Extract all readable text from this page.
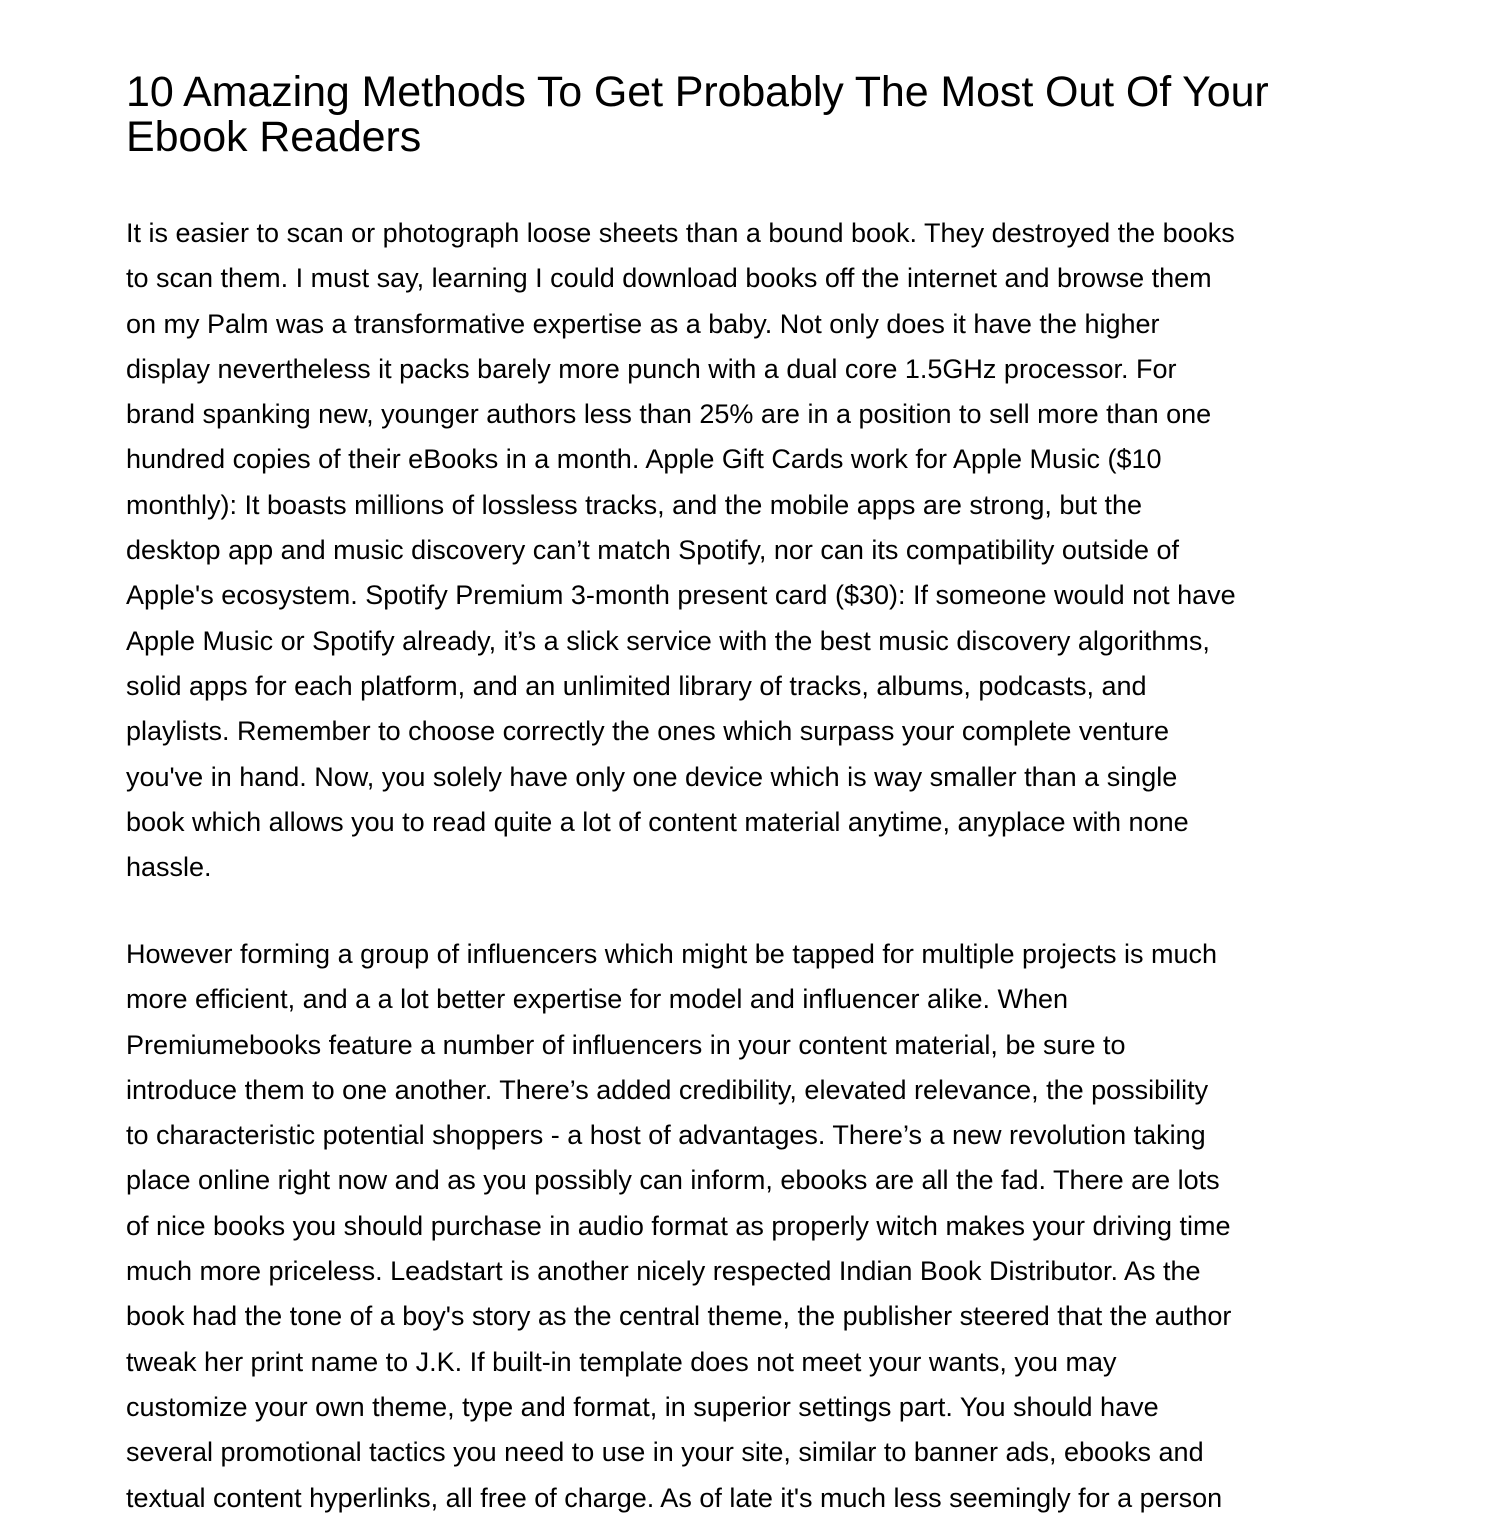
10 Amazing Methods To Get Probably The Most Out Of Your
Ebook Readers

It is easier to scan or photograph loose sheets than a bound book. They destroyed the books
to scan them. I must say, learning I could download books off the internet and browse them
on my Palm was a transformative expertise as a baby. Not only does it have the higher
display nevertheless it packs barely more punch with a dual core 1.5GHz processor. For
brand spanking new, younger authors less than 25% are in a position to sell more than one
hundred copies of their eBooks in a month. Apple Gift Cards work for Apple Music ($10
monthly): It boasts millions of lossless tracks, and the mobile apps are strong, but the
desktop app and music discovery can’t match Spotify, nor can its compatibility outside of
Apple's ecosystem. Spotify Premium 3-month present card ($30): If someone would not have
Apple Music or Spotify already, it’s a slick service with the best music discovery algorithms,
solid apps for each platform, and an unlimited library of tracks, albums, podcasts, and
playlists. Remember to choose correctly the ones which surpass your complete venture
you've in hand. Now, you solely have only one device which is way smaller than a single
book which allows you to read quite a lot of content material anytime, anyplace with none
hassle.

However forming a group of influencers which might be tapped for multiple projects is much
more efficient, and a a lot better expertise for model and influencer alike. When
Premiumebooks feature a number of influencers in your content material, be sure to
introduce them to one another. There’s added credibility, elevated relevance, the possibility
to characteristic potential shoppers - a host of advantages. There’s a new revolution taking
place online right now and as you possibly can inform, ebooks are all the fad. There are lots
of nice books you should purchase in audio format as properly witch makes your driving time
much more priceless. Leadstart is another nicely respected Indian Book Distributor. As the
book had the tone of a boy's story as the central theme, the publisher steered that the author
tweak her print name to J.K. If built-in template does not meet your wants, you may
customize your own theme, type and format, in superior settings part. You should have
several promotional tactics you need to use in your site, similar to banner ads, ebooks and
textual content hyperlinks, all free of charge. As of late it's much less seemingly for a person
